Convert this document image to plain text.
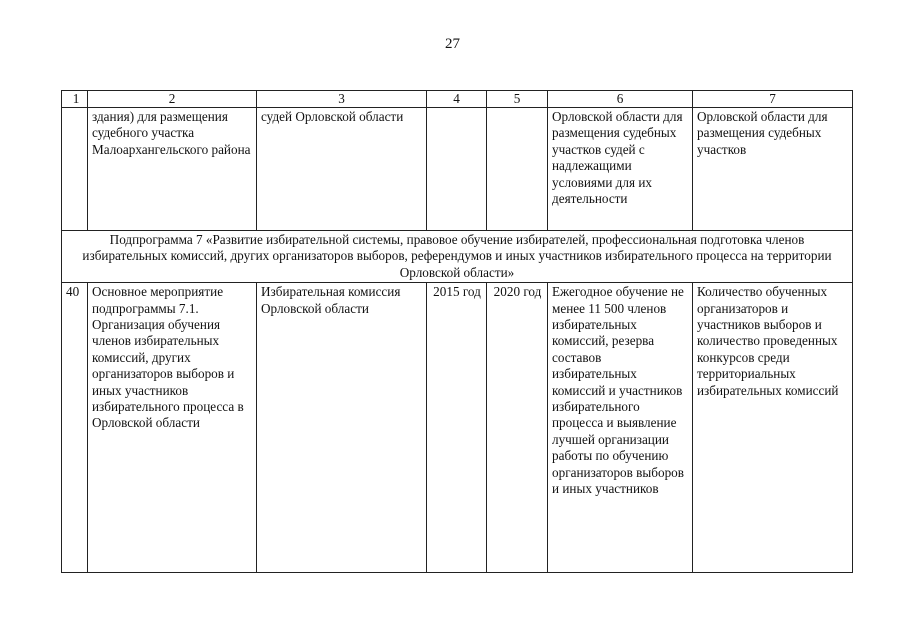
27
1	2	3	4	5	6	7
	здания) для размещения судебного участка Малоархангельского района	судей Орловской области			Орловской области для размещения судебных участков судей с надлежащими условиями для их деятельности	Орловской области для размещения судебных участков
Подпрограмма 7 «Развитие избирательной системы, правовое обучение избирателей, профессиональная подготовка членов избирательных комиссий, других организаторов выборов, референдумов и иных участников избирательного процесса на территории Орловской области»						
40	Основное мероприятие подпрограммы 7.1. Организация обучения членов избирательных комиссий, других организаторов выборов и иных участников избирательного процесса в Орловской области	Избирательная комиссия Орловской области	2015 год	2020 год	Ежегодное обучение не менее 11 500 членов избирательных комиссий, резерва составов избирательных комиссий и участников избирательного процесса и выявление лучшей организации работы по обучению организаторов выборов и иных участников	Количество обученных организаторов и участников выборов и количество проведенных конкурсов среди территориальных избирательных комиссий
